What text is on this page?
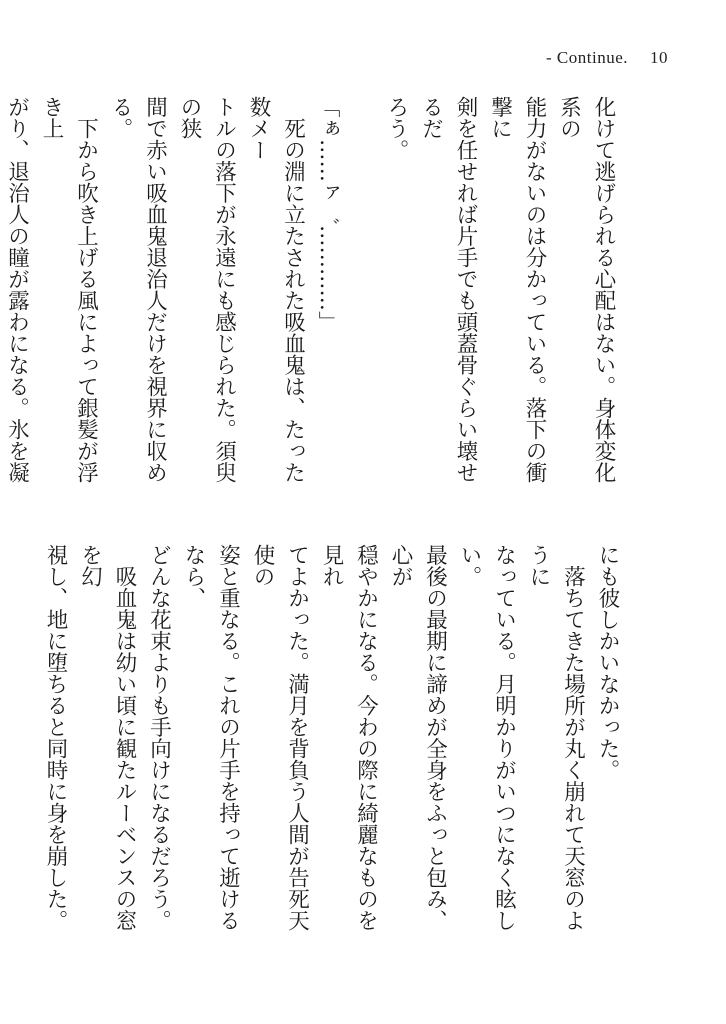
- Continue. 10

化けて逃げられる心配はない。身体変化系の

能力がないのは分かっている。落下の衝撃に

剣を任せれば片手でも頭蓋骨ぐらい壊せるだ

ろう。

「ぁ……ァ゛…………」

　死の淵に立たされた吸血鬼は、たった数メー

トルの落下が永遠にも感じられた。須臾の狭

間で赤い吸血鬼退治人だけを視界に収める。

　下から吹き上げる風によって銀髪が浮き上

がり、退治人の瞳が露わになる。氷を凝

にも彼しかいなかった。

　落ちてきた場所が丸く崩れて天窓のように

なっている。月明かりがいつになく眩しい。

最後の最期に諦めが全身をふっと包み、心が

穏やかになる。今わの際に綺麗なものを見れ

てよかった。満月を背負う人間が告死天使の

姿と重なる。これの片手を持って逝けるなら、

どんな花束よりも手向けになるだろう。

　吸血鬼は幼い頃に観たルーベンスの窓を幻

視し、地に堕ちると同時に身を崩した。
